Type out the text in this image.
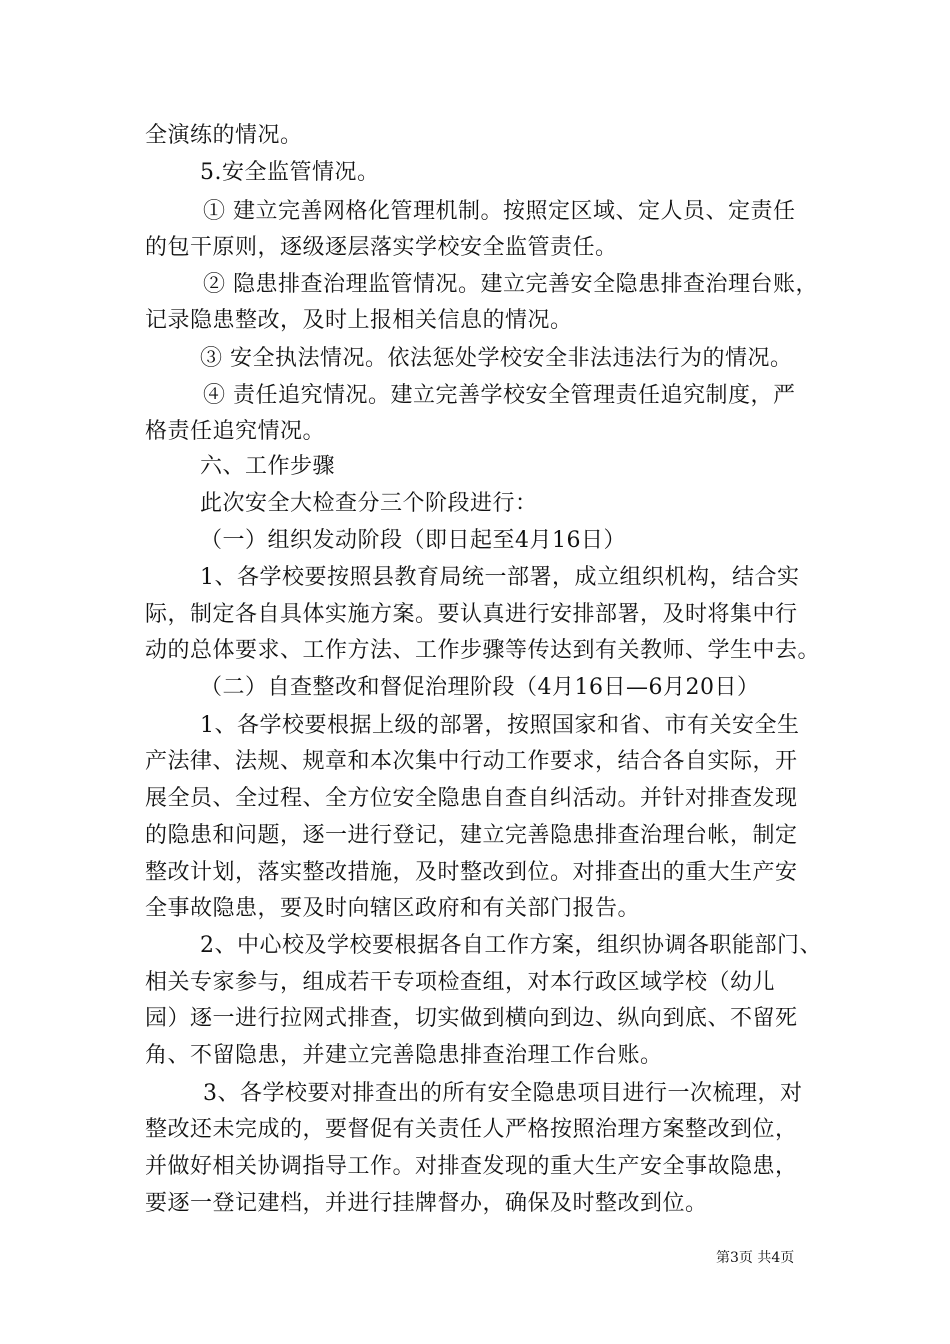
全演练的情况。
5.安全监管情况。
① 建立完善网格化管理机制。按照定区域、定人员、定责任
的包干原则，逐级逐层落实学校安全监管责任。
② 隐患排查治理监管情况。建立完善安全隐患排查治理台账，
记录隐患整改，及时上报相关信息的情况。
③ 安全执法情况。依法惩处学校安全非法违法行为的情况。
④ 责任追究情况。建立完善学校安全管理责任追究制度，严
格责任追究情况。
六、工作步骤
此次安全大检查分三个阶段进行：
（一）组织发动阶段（即日起至4月16日）
1、各学校要按照县教育局统一部署，成立组织机构，结合实
际，制定各自具体实施方案。要认真进行安排部署，及时将集中行
动的总体要求、工作方法、工作步骤等传达到有关教师、学生中去。
（二）自查整改和督促治理阶段（4月16日—6月20日）
1、各学校要根据上级的部署，按照国家和省、市有关安全生
产法律、法规、规章和本次集中行动工作要求，结合各自实际，开
展全员、全过程、全方位安全隐患自查自纠活动。并针对排查发现
的隐患和问题，逐一进行登记，建立完善隐患排查治理台帐，制定
整改计划，落实整改措施，及时整改到位。对排查出的重大生产安
全事故隐患，要及时向辖区政府和有关部门报告。
2、中心校及学校要根据各自工作方案，组织协调各职能部门、
相关专家参与，组成若干专项检查组，对本行政区域学校（幼儿
园）逐一进行拉网式排查，切实做到横向到边、纵向到底、不留死
角、不留隐患，并建立完善隐患排查治理工作台账。
3、各学校要对排查出的所有安全隐患项目进行一次梳理，对
整改还未完成的，要督促有关责任人严格按照治理方案整改到位，
并做好相关协调指导工作。对排查发现的重大生产安全事故隐患，
要逐一登记建档，并进行挂牌督办，确保及时整改到位。
第3页 共4页
